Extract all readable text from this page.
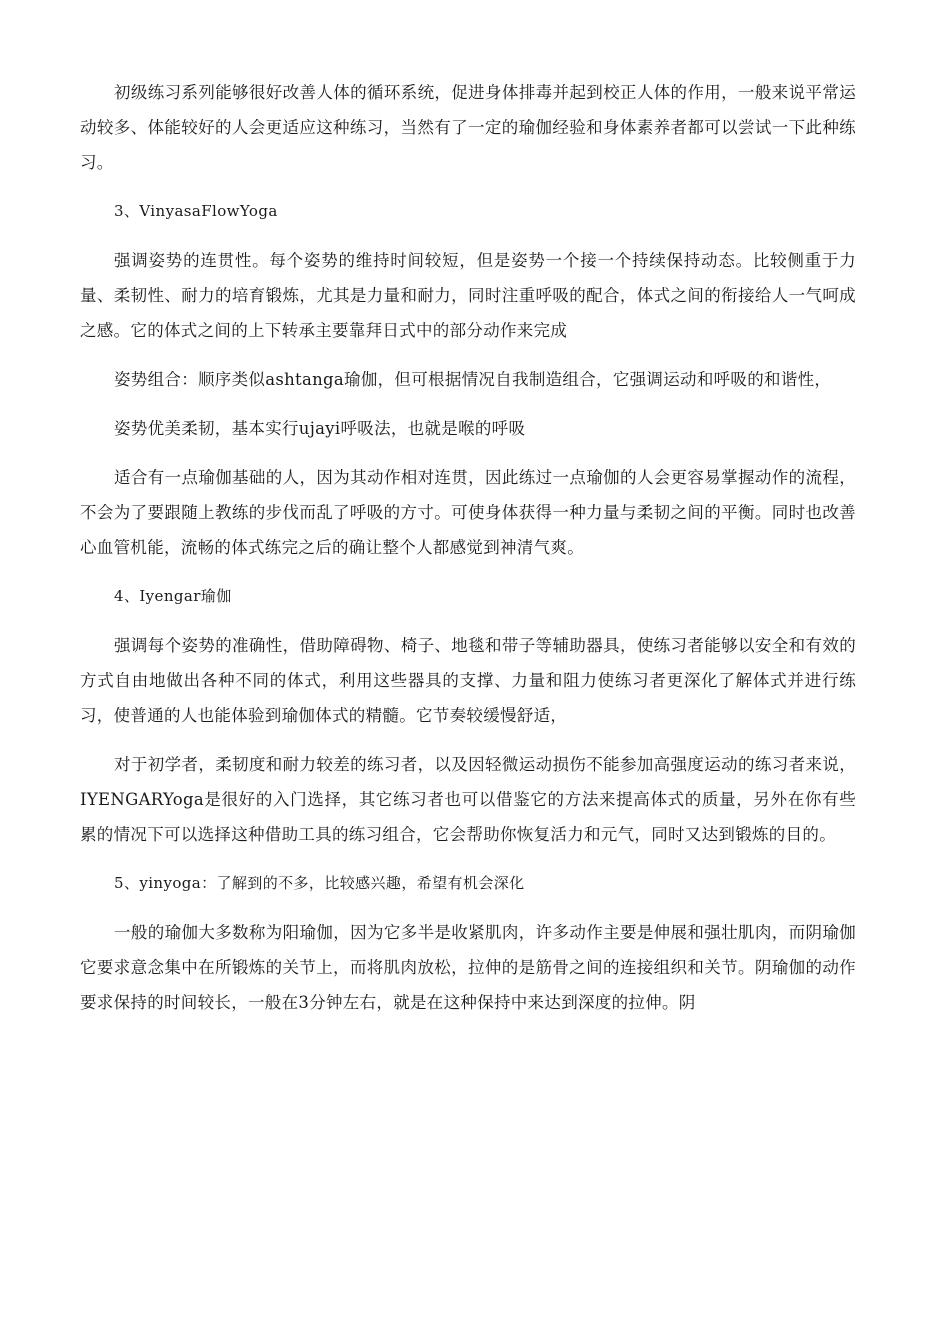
初级练习系列能够很好改善人体的循环系统，促进身体排毒并起到校正人体的作用，一般来说平常运动较多、体能较好的人会更适应这种练习，当然有了一定的瑜伽经验和身体素养者都可以尝试一下此种练习。

3、VinyasaFlowYoga

强调姿势的连贯性。每个姿势的维持时间较短，但是姿势一个接一个持续保持动态。比较侧重于力量、柔韧性、耐力的培育锻炼，尤其是力量和耐力，同时注重呼吸的配合，体式之间的衔接给人一气呵成之感。它的体式之间的上下转承主要靠拜日式中的部分动作来完成

姿势组合：顺序类似ashtanga瑜伽，但可根据情况自我制造组合，它强调运动和呼吸的和谐性，

姿势优美柔韧，基本实行ujayi呼吸法，也就是喉的呼吸

适合有一点瑜伽基础的人，因为其动作相对连贯，因此练过一点瑜伽的人会更容易掌握动作的流程，不会为了要跟随上教练的步伐而乱了呼吸的方寸。可使身体获得一种力量与柔韧之间的平衡。同时也改善心血管机能，流畅的体式练完之后的确让整个人都感觉到神清气爽。

4、Iyengar瑜伽

强调每个姿势的准确性，借助障碍物、椅子、地毯和带子等辅助器具，使练习者能够以安全和有效的方式自由地做出各种不同的体式，利用这些器具的支撑、力量和阻力使练习者更深化了解体式并进行练习，使普通的人也能体验到瑜伽体式的精髓。它节奏较缓慢舒适，

对于初学者，柔韧度和耐力较差的练习者，以及因轻微运动损伤不能参加高强度运动的练习者来说，IYENGARYoga是很好的入门选择，其它练习者也可以借鉴它的方法来提高体式的质量，另外在你有些累的情况下可以选择这种借助工具的练习组合，它会帮助你恢复活力和元气，同时又达到锻炼的目的。

5、yinyoga：了解到的不多，比较感兴趣，希望有机会深化

一般的瑜伽大多数称为阳瑜伽，因为它多半是收紧肌肉，许多动作主要是伸展和强壮肌肉，而阴瑜伽它要求意念集中在所锻炼的关节上，而将肌肉放松，拉伸的是筋骨之间的连接组织和关节。阴瑜伽的动作要求保持的时间较长，一般在3分钟左右，就是在这种保持中来达到深度的拉伸。阴
